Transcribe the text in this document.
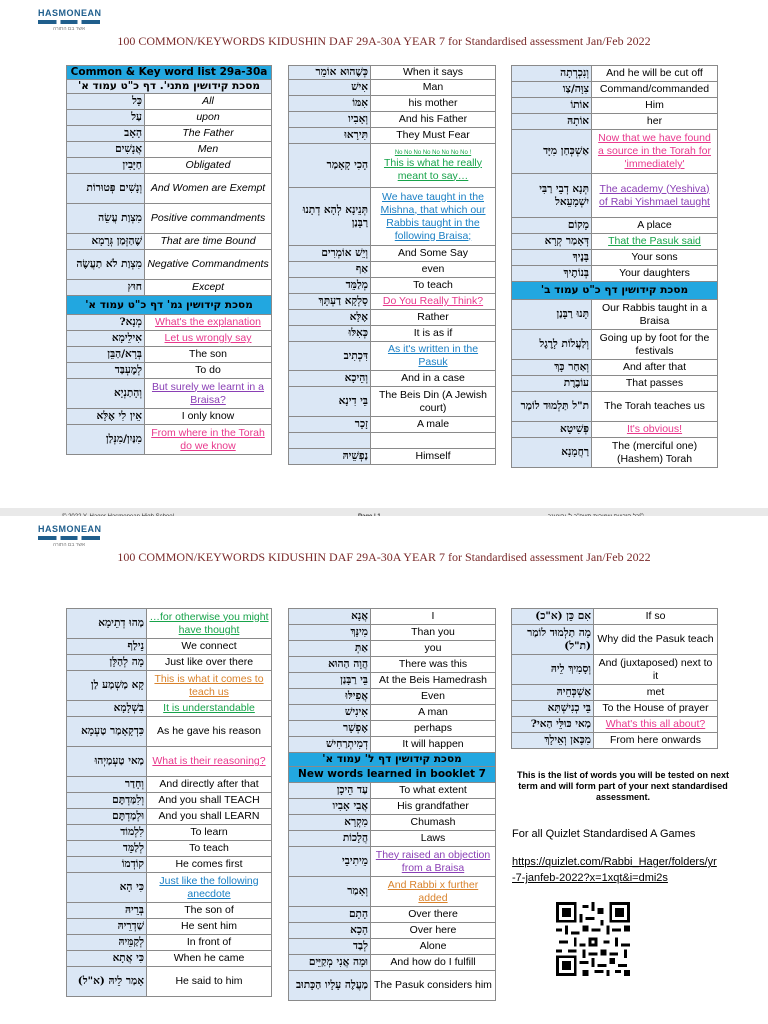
HASMONEAN
אשר בם התורה
100 COMMON/KEYWORDS KIDUSHIN DAF 29A-30A YEAR 7 for Standardised assessment Jan/Feb 2022
Common & Key word list 29a-30a	
מסכת קידושין מתני'. דף כ"ט עמוד א'	
כָּל	All
עַל	upon
הָאָב	The Father
אֲנָשִׁים	Men
חַיָּבִין	Obligated
וְנָשִׁים פְּטוּרוֹת	And Women are Exempt
מִצְוַת עֲשֵׂה	Positive commandments
שֶׁהַזְּמַן גְּרָמָא	That are time Bound
מִצְוַת לֹא תַעֲשֶׂה	Negative Commandments
חוּץ	Except
מסכת קידושין גמ' דף כ"ט עמוד א'	
מְנָא?	What's the explanation
אִילֵימָא	Let us wrongly say
בְּרָא/הַבֵּן	The son
לְמֶעְבַּד	To do
וְהָתַנְיָא	But surely we learnt in a Braisa?
אֵין לִי אֶלָּא	I only know
מִנַּיִן/מִנְּלַן	From where in the Torah do we know
כְּשֶׁהוּא אוֹמֵר	When it says
אִישׁ	Man
אִמּוֹ	his mother
וְאָבִיו	And his Father
תִּירָאוּ	They Must Fear
הָכִי קָאָמַר	No No No No No No No No !
This is what he really meant to say…
תְּנֵינָא לְהָא דְתָנוּ רַבָּנַן	We have taught in the Mishna, that which our Rabbis taught in the following Braisa;
וְיֵשׁ אוֹמְרִים	And Some Say
אַף	even
מְלַמֵּד	To teach
סָלְקָא דַעְתָּךְ	Do You Really Think?
אֶלָּא	Rather
כְּאִלּוּ	It is as if
דִּכְתִיב	As it's written in the Pasuk
וְהֵיכָא	And in a case
בֵּי דִינָא	The Beis Din (A Jewish court)
זָכָר	A male

נַפְשֵׁיהּ	Himself
וְנִכְרְתָה	And he will be cut off
צִוָּה/צַו	Command/commanded
אוֹתוֹ	Him
אוֹתָהּ	her
אַשְׁכְּחַן מִיָּד	Now that we have found a source in the Torah for 'immediately'
תְּנָא דְבֵי רַבִּי יִשְׁמָעֵאל	The academy (Yeshiva) of Rabi Yishmael taught
מָקוֹם	A place
דְּאָמַר קְרָא	That the Pasuk said
בָּנֶיךָ	Your sons
בְּנוֹתֶיךָ	Your daughters
מסכת קידושין דף כ"ט עמוד ב'	
תָּנוּ רַבָּנַן	Our Rabbis taught in a Braisa
וְלַעֲלוֹת לָרֶגֶל	Going up by foot for the festivals
וְאַחַר כָּךְ	And after that
עוֹבֶרֶת	That passes
ת"ל תַּלְמוּד לוֹמַר	The Torah teaches us
פְּשִׁיטָא	It's obvious!
רַחֲמָנָא	The (merciful one) (Hashem) Torah
HASMONEAN
אשר בם התורה
100 COMMON/KEYWORDS KIDUSHIN DAF 29A-30A YEAR 7 for Standardised assessment Jan/Feb 2022
מַהוּ דְתֵימָא	…for otherwise you might have thought
נֵילַף	We connect
מָה לְהַלָּן	Just like over there
קָא מַשְׁמַע לַן	This is what it comes to teach us
בִּשְׁלָמָא	It is understandable
כִּדְקָאָמַר טַעְמָא	As he gave his reason
מַאי טַעְמַיְהוּ	What is their reasoning?
וְחָדַר	And directly after that
וְלִמַּדְתֶּם	And you shall TEACH
וּלְמַדְתֶּם	And you shall LEARN
לִלְמוֹד	To learn
לְלַמֵּד	To teach
קוֹדְמוֹ	He comes first
כִּי הָא	Just like the following anecdote
בְּרֵיהּ	The son of
שַׁדְרֵיהּ	He sent him
לְקַמֵּיהּ	In front of
כִּי אֲתָא	When he came
אָמַר לֵיהּ (א"ל)	He said to him
אֲנָא	I
מִינָּךְ	Than you
אַתְּ	you
הֲוָה הַהוּא	There was this
בֵּי רַבָּנַן	At the Beis Hamedrash
אֲפִילּוּ	Even
אִינִישׁ	A man
אֶפְשָׁר	perhaps
דְמִיתְרַחִישׁ	It will happen
מסכת קידושין דף ל' עמוד א'	
New words learned in booklet 7	
עַד הֵיכָן	To what extent
אֲבִי אָבִיו	His grandfather
מִקְרָא	Chumash
הֲלָכוֹת	Laws
מֵיתִיבֵי	They raised an objection from a Braisa
וְאָמַר	And Rabbi x further added
הָתָם	Over there
הָכָא	Over here
לְבַד	Alone
וּמָה אֲנִי מְקַיֵּים	And how do I fulfill
מַעֲלֶה עָלָיו הַכָּתוּב	The Pasuk considers him
אִם כֵּן (א"כ)	If so
מָה תַלְמוּד לוֹמַר (ת"ל)	Why did the Pasuk teach
וְסָמִיךְ לֵיהּ	And (juxtaposed) next to it
אַשְׁכְּחֵיהּ	met
בֵּי כְנִישְׁתָּא	To the House of prayer
מַאי כּוּלֵּי הַאי?	What's this all about?
מִכָּאן וְאֵילָךְ	From here onwards
This is the list of words you will be tested on next term and will form part of your next standardised assessment.
For all Quizlet Standardised A Games
https://quizlet.com/Rabbi_Hager/folders/yr-7-janfeb-2022?x=1xqt&i=dmi2s
